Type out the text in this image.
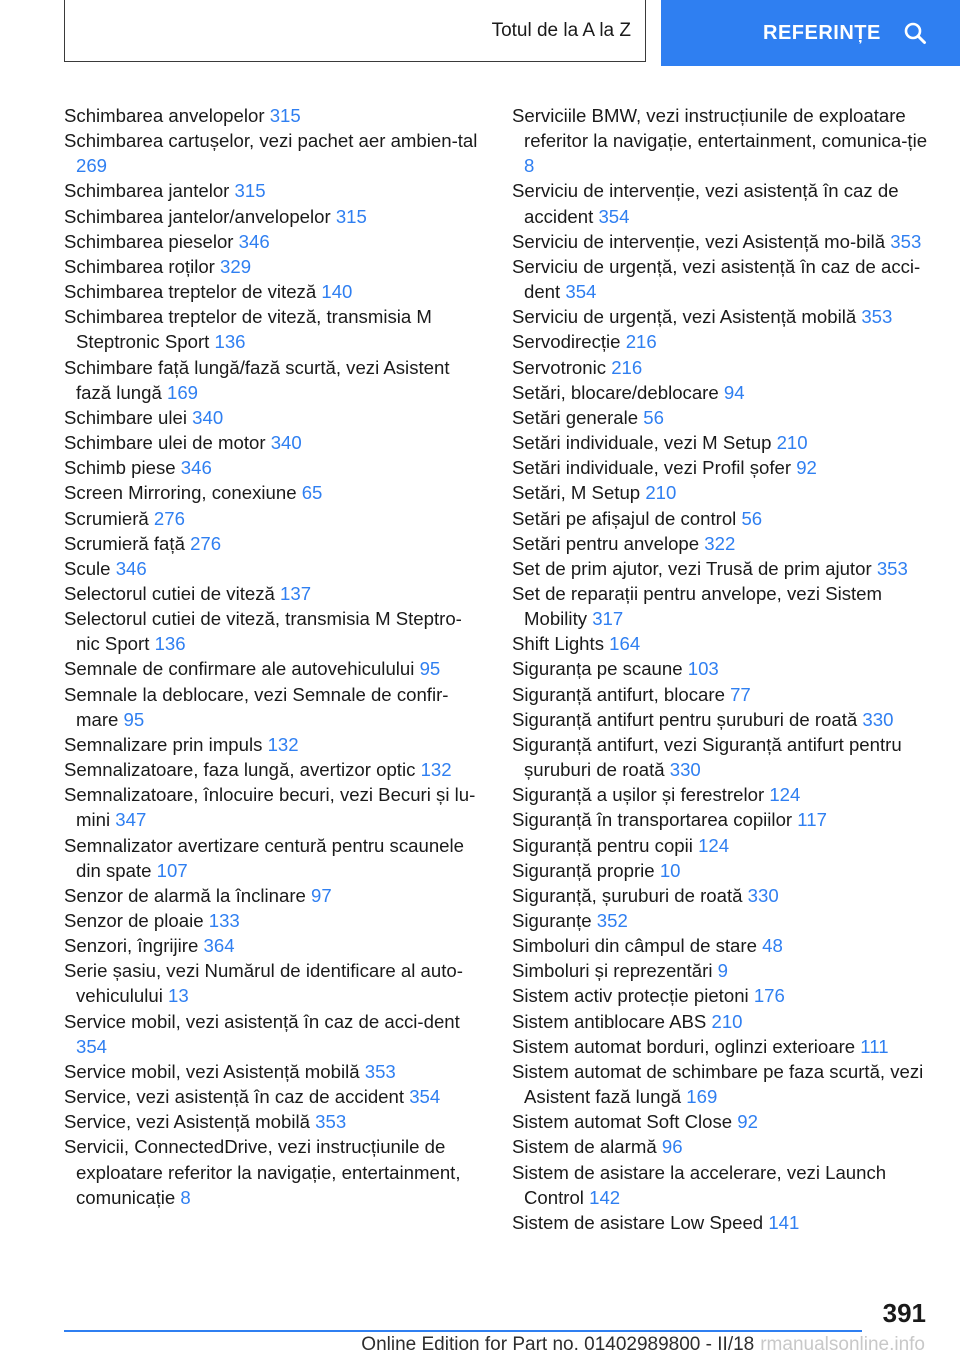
Totul de la A la Z	REFERINȚE
Schimbarea anvelopelor 315
Schimbarea cartușelor, vezi pachet aer ambien‐tal 269
Schimbarea jantelor 315
Schimbarea jantelor/anvelopelor 315
Schimbarea pieselor 346
Schimbarea roților 329
Schimbarea treptelor de viteză 140
Schimbarea treptelor de viteză, transmisia M Steptronic Sport 136
Schimbare față lungă/fază scurtă, vezi Asistent fază lungă 169
Schimbare ulei 340
Schimbare ulei de motor 340
Schimb piese 346
Screen Mirroring, conexiune 65
Scrumieră 276
Scrumieră față 276
Scule 346
Selectorul cutiei de viteză 137
Selectorul cutiei de viteză, transmisia M Steptro‐nic Sport 136
Semnale de confirmare ale autovehiculului 95
Semnale la deblocare, vezi Semnale de confir‐mare 95
Semnalizare prin impuls 132
Semnalizatoare, faza lungă, avertizor optic 132
Semnalizatoare, înlocuire becuri, vezi Becuri și lu‐mini 347
Semnalizator avertizare centură pentru scaunele din spate 107
Senzor de alarmă la înclinare 97
Senzor de ploaie 133
Senzori, îngrijire 364
Serie șasiu, vezi Numărul de identificare al auto‐vehiculului 13
Service mobil, vezi asistență în caz de acci‐dent 354
Service mobil, vezi Asistență mobilă 353
Service, vezi asistență în caz de accident 354
Service, vezi Asistență mobilă 353
Servicii, ConnectedDrive, vezi instrucțiunile de exploatare referitor la navigație, entertainment, comunicație 8
Serviciile BMW, vezi instrucțiunile de exploatare referitor la navigație, entertainment, comunica‐ție 8
Serviciu de intervenție, vezi asistență în caz de accident 354
Serviciu de intervenție, vezi Asistență mo‐bilă 353
Serviciu de urgență, vezi asistență în caz de acci‐dent 354
Serviciu de urgență, vezi Asistență mobilă 353
Servodirecție 216
Servotronic 216
Setări, blocare/deblocare 94
Setări generale 56
Setări individuale, vezi M Setup 210
Setări individuale, vezi Profil șofer 92
Setări, M Setup 210
Setări pe afișajul de control 56
Setări pentru anvelope 322
Set de prim ajutor, vezi Trusă de prim ajutor 353
Set de reparații pentru anvelope, vezi Sistem Mobility 317
Shift Lights 164
Siguranța pe scaune 103
Siguranță antifurt, blocare 77
Siguranță antifurt pentru șuruburi de roată 330
Siguranță antifurt, vezi Siguranță antifurt pentru șuruburi de roată 330
Siguranță a ușilor și ferestrelor 124
Siguranță în transportarea copiilor 117
Siguranță pentru copii 124
Siguranță proprie 10
Siguranță, șuruburi de roată 330
Siguranțe 352
Simboluri din câmpul de stare 48
Simboluri și reprezentări 9
Sistem activ protecție pietoni 176
Sistem antiblocare ABS 210
Sistem automat borduri, oglinzi exterioare 111
Sistem automat de schimbare pe faza scurtă, vezi Asistent fază lungă 169
Sistem automat Soft Close 92
Sistem de alarmă 96
Sistem de asistare la accelerare, vezi Launch Control 142
Sistem de asistare Low Speed 141
391
Online Edition for Part no. 01402989800 - II/18 rmanualsonline.info
